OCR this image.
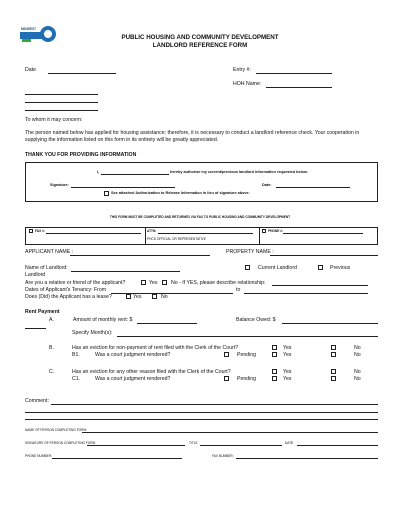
MIDWEST
PUBLIC HOUSING AND COMMUNITY DEVELOPMENT
LANDLORD REFERENCE FORM
Date	Entry #:
HOH Name:
To whom it may concern:
The person named below has applied for housing assistance; therefore, it is necessary to conduct a landlord reference check. Your cooperation in supplying the information listed on this form in its entirety will be greatly appreciated.
THANK YOU FOR PROVIDING INFORMATION
I,	hereby authorize my current/previous landlord information requested below.
Signature:	Date:
See attached Authorization to Release Information in lieu of signature above.
THIS FORM MUST BE COMPLETED AND RETURNED VIA FAX TO PUBLIC HOUSING AND COMMUNITY DEVELOPMENT
FAX #:	ATTN:
PHCD OFFICIAL OR REPRESENTATIVE
PHONE #:
APPLICANT NAME :	PROPERTY NAME :
Name of Landlord:	Current Landlord	Previous
Landlord
Are you a relative or friend of the applicant?	Yes	No - If YES, please describe relationship:
Dates of Applicant's Tenancy: From	to
Does (Did) the Applicant has a lease?	Yes	No
Rent Payment
A.	Amount of monthly rent: $	Balance Owed: $
Specify Month(s):
B.	Has an eviction for non-payment of rent filed with the Clerk of the Court?	Yes	No
B1.	Was a court judgment rendered?	Pending	Yes	No
C.	Has an eviction for any other reason filed with the Clerk of the Court?	Yes	No
C1.	Was a court judgment rendered?	Pending	Yes	No
Comment:
NAME OF PERSON COMPLETING FORM:
SIGNATURE OF PERSON COMPLETING FORM	TITLE	DATE
PHONE NUMBER:	FAX NUMBER:
